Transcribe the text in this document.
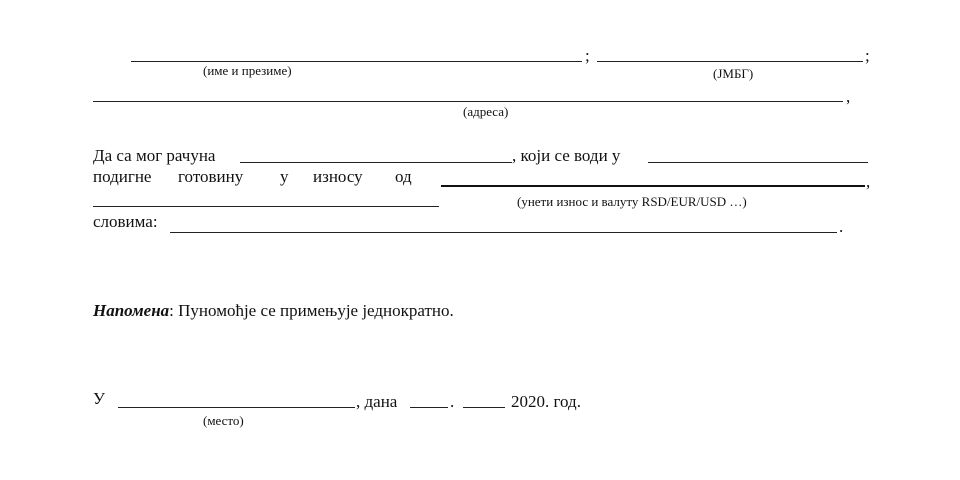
;	;
(име и презиме)	(ЈМБГ)
,
(адреса)
Да са мог рачуна	, који се води у
подигне готовину у износу од	,
(унети износ и валуту RSD/EUR/USD …)
словима:	.
Напомена: Пуномоћје се примењује једнократно.
У	, дана	.	2020. год.
(место)
